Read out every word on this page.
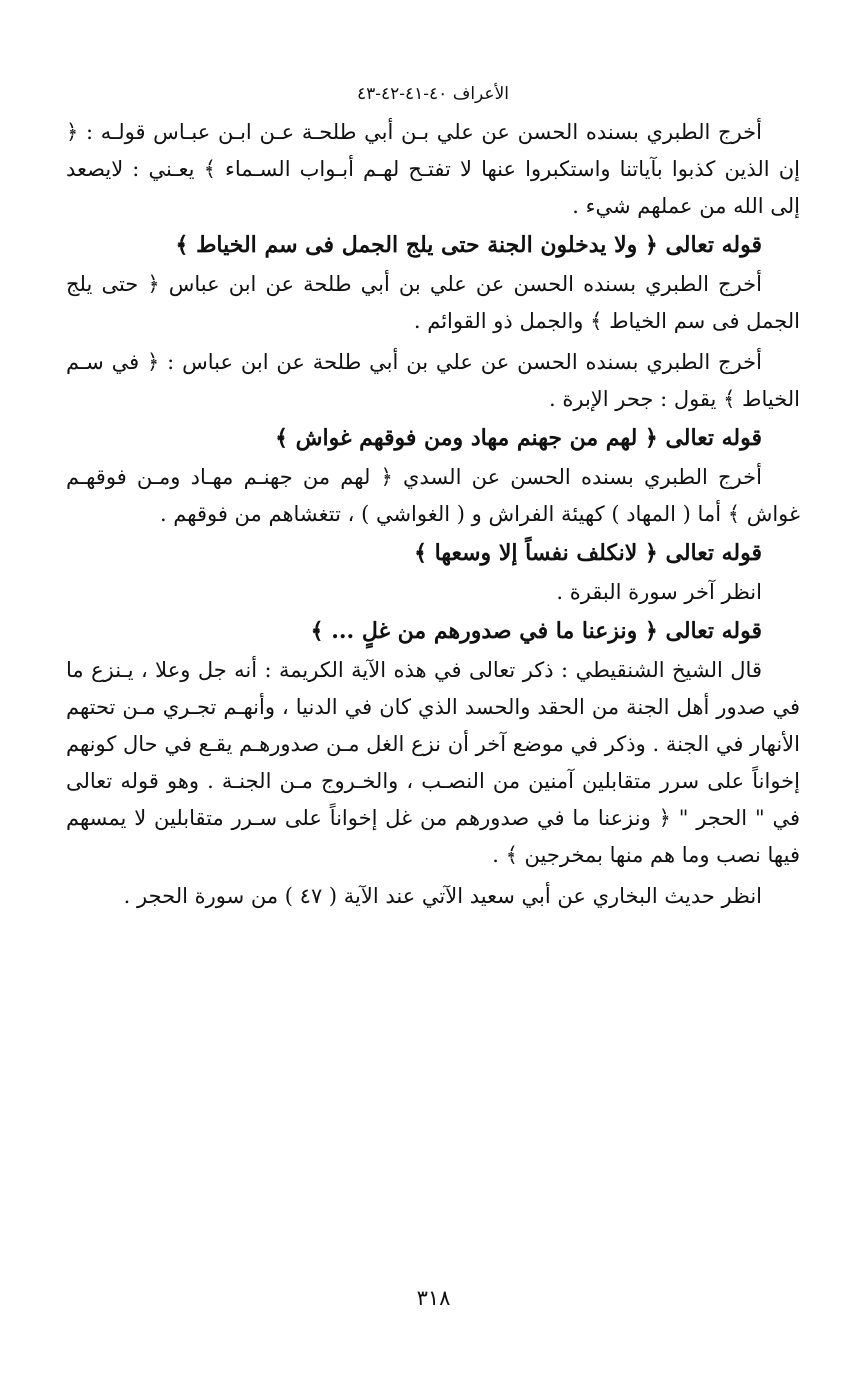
الأعراف ٤٠-٤١-٤٢-٤٣

أخرج الطبري بسنده الحسن عن علي بـن أبي طلحـة عـن ابـن عبـاس قولـه : ﴿ إن الذين كذبوا بآياتنا واستكبروا عنها لا تفتـح لهـم أبـواب السـماء ﴾ يعـني : لايصعد إلى الله من عملهم شيء .

قوله تعالى ﴿ ولا يدخلون الجنة حتى يلج الجمل فى سم الخياط ﴾

أخرج الطبري بسنده الحسن عن علي بن أبي طلحة عن ابن عباس ﴿ حتى يلج الجمل فى سم الخياط ﴾ والجمل ذو القوائم .

أخرج الطبري بسنده الحسن عن علي بن أبي طلحة عن ابن عباس : ﴿ في سـم الخياط ﴾ يقول : جحر الإبرة .

قوله تعالى ﴿ لهم من جهنم مهاد ومن فوقهم غواش ﴾

أخرج الطبري بسنده الحسن عن السدي ﴿ لهم من جهنـم مهـاد ومـن فوقهـم غواش ﴾ أما ( المهاد ) كهيئة الفراش و ( الغواشي ) ، تتغشاهم من فوقهم .

قوله تعالى ﴿ لانكلف نفساً إلا وسعها ﴾

انظر آخر سورة البقرة .

قوله تعالى ﴿ ونزعنا ما في صدورهم من غلٍ ... ﴾

قال الشيخ الشنقيطي : ذكر تعالى في هذه الآية الكريمة : أنه جل وعلا ، يـنزع ما في صدور أهل الجنة من الحقد والحسد الذي كان في الدنيا ، وأنهـم تجـري مـن تحتهم الأنهار في الجنة . وذكر في موضع آخر أن نزع الغل مـن صدورهـم يقـع في حال كونهم إخواناً على سرر متقابلين آمنين من النصـب ، والخـروج مـن الجنـة . وهو قوله تعالى في " الحجر " ﴿ ونزعنا ما في صدورهم من غل إخواناً على سـرر متقابلين لا يمسهم فيها نصب وما هم منها بمخرجين ﴾ .

انظر حديث البخاري عن أبي سعيد الآتي عند الآية ( ٤٧ ) من سورة الحجر .

٣١٨
